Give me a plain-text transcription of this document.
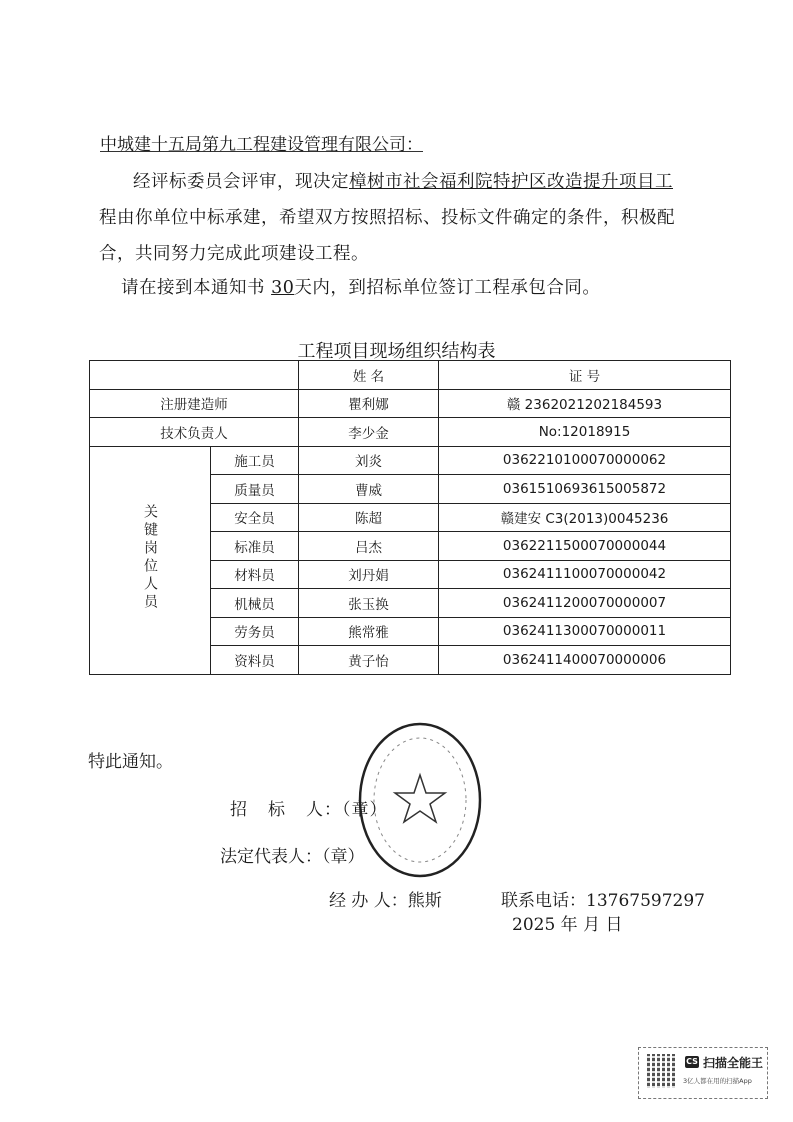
中城建十五局第九工程建设管理有限公司：
经评标委员会评审，现决定樟树市社会福利院特护区改造提升项目工
程由你单位中标承建，希望双方按照招标、投标文件确定的条件，积极配
合，共同努力完成此项建设工程。
请在接到本通知书 30天内，到招标单位签订工程承包合同。
工程项目现场组织结构表
		姓 名	证 号
注册建造师		瞿利娜	赣 2362021202184593
技术负责人		李少金	No:12018915
关键岗位人员	施工员	刘炎	036221010007000006​2
	质量员	曹威	036151069361500587​2
	安全员	陈超	赣建安 C3(2013)0045236
	标准员	吕杰	0362211500070000044
	材料员	刘丹娟	0362411100070000042
	机械员	张玉换	0362411200070000007
	劳务员	熊常雅	0362411300070000011
	资料员	黄子怡	0362411400070000006
特此通知。
招 标 人：（章）
法定代表人：（章）
经 办 人：熊斯	联系电话：13767597297
2025 年 月 日
CS 扫描全能王
3亿人都在用的扫描App
